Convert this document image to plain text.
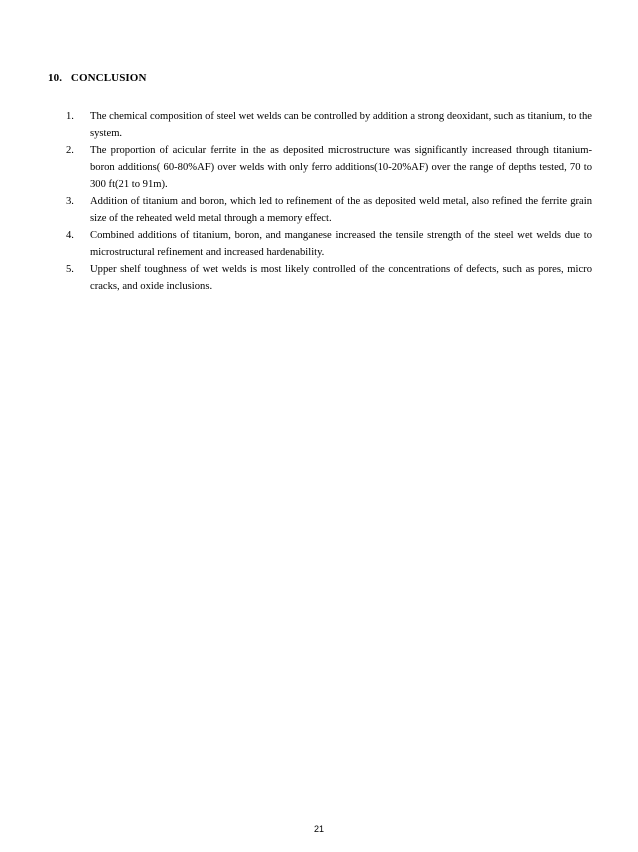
10. CONCLUSION
1. The chemical composition of steel wet welds can be controlled by addition a strong deoxidant, such as titanium, to the system.
2. The proportion of acicular ferrite in the as deposited microstructure was significantly increased through titanium-boron additions( 60-80%AF) over welds with only ferro additions(10-20%AF) over the range of depths tested, 70 to 300 ft(21 to 91m).
3. Addition of titanium and boron, which led to refinement of the as deposited weld metal, also refined the ferrite grain size of the reheated weld metal through a memory effect.
4. Combined additions of titanium, boron, and manganese increased the tensile strength of the steel wet welds due to microstructural refinement and increased hardenability.
5. Upper shelf toughness of wet welds is most likely controlled of the concentrations of defects, such as pores, micro cracks, and oxide inclusions.
21
